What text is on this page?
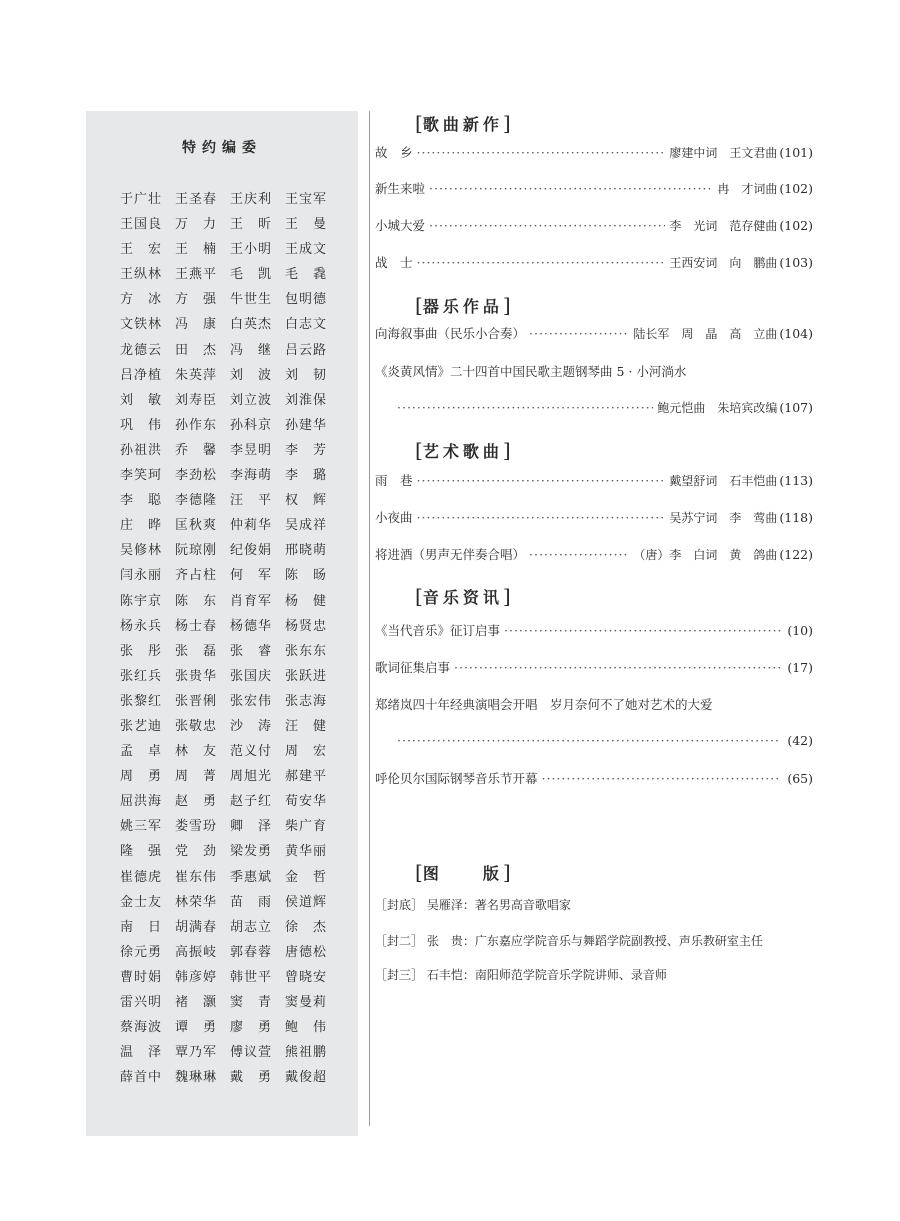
特约编委
于广壮 王圣春 王庆利 王宝军
王国良 万力 王昕 王曼
王宏 王楠 王小明 王成文
王纵林 王燕平 毛凯 毛毳
方冰 方强 牛世生 包明德
文铁林 冯康 白英杰 白志文
龙德云 田杰 冯继 吕云路
吕净植 朱英萍 刘波 刘韧
刘敏 刘寿臣 刘立波 刘淮保
巩伟 孙作东 孙科京 孙建华
孙祖洪 乔馨 李昱明 李芳
李笑珂 李劲松 李海萌 李璐
李聪 李德隆 汪平 权辉
庄晔 匡秋爽 仲莉华 吴成祥
吴修林 阮琼刚 纪俊娟 邢晓萌
闫永丽 齐占柱 何军 陈旸
陈宇京 陈东 肖育军 杨健
杨永兵 杨士春 杨德华 杨贤忠
张彤 张磊 张睿 张东东
张红兵 张贵华 张国庆 张跃进
张黎红 张晋俐 张宏伟 张志海
张艺迪 张敬忠 沙涛 汪健
孟卓 林友 范义付 周宏
周勇 周菁 周旭光 郝建平
屈洪海 赵勇 赵子红 荀安华
姚三军 娄雪玢 卿泽 柴广育
隆强 党劲 梁发勇 黄华丽
崔德虎 崔东伟 季惠斌 金哲
金士友 林荣华 苗雨 侯道辉
南日 胡满春 胡志立 徐杰
徐元勇 高振岐 郭春蓉 唐德松
曹时娟 韩彦婷 韩世平 曾晓安
雷兴明 褚灏 窦青 窦曼莉
蔡海波 谭勇 廖勇 鲍伟
温泽 覃乃军 傅议萱 熊祖鹏
薛首中 魏琳琳 戴勇 戴俊超
[歌曲新作]
故　乡 ·····	廖建中词　王文君曲 (101)
新生来啦 ·····	冉　才词曲 (102)
小城大爱 ·····	李　光词　范存健曲 (102)
战　士 ·····	王西安词　向　鹏曲 (103)
[器乐作品]
向海叙事曲（民乐小合奏） ·····	陆长军　周　晶　高　立曲 (104)
《炎黄风情》二十四首中国民歌主题钢琴曲 5 · 小河淌水
·····
鲍元恺曲　朱培宾改编 (107)
[艺术歌曲]
雨　巷 ·····	戴望舒词　石丰恺曲 (113)
小夜曲 ·····	吴苏宁词　李　莺曲 (118)
将进酒（男声无伴奏合唱） ·····	（唐）李　白词　黄　鸽曲 (122)
[音乐资讯]
《当代音乐》征订启事 ·····	(10)
歌词征集启事 ·····	(17)
郑绪岚四十年经典演唱会开唱　岁月奈何不了她对艺术的大爱
·····
(42)
呼伦贝尔国际钢琴音乐节开幕 ·····	(65)
[图　　版]
［封底］ 吴雁泽：著名男高音歌唱家
［封二］ 张　贵：广东嘉应学院音乐与舞蹈学院副教授、声乐教研室主任
［封三］ 石丰恺：南阳师范学院音乐学院讲师、录音师
